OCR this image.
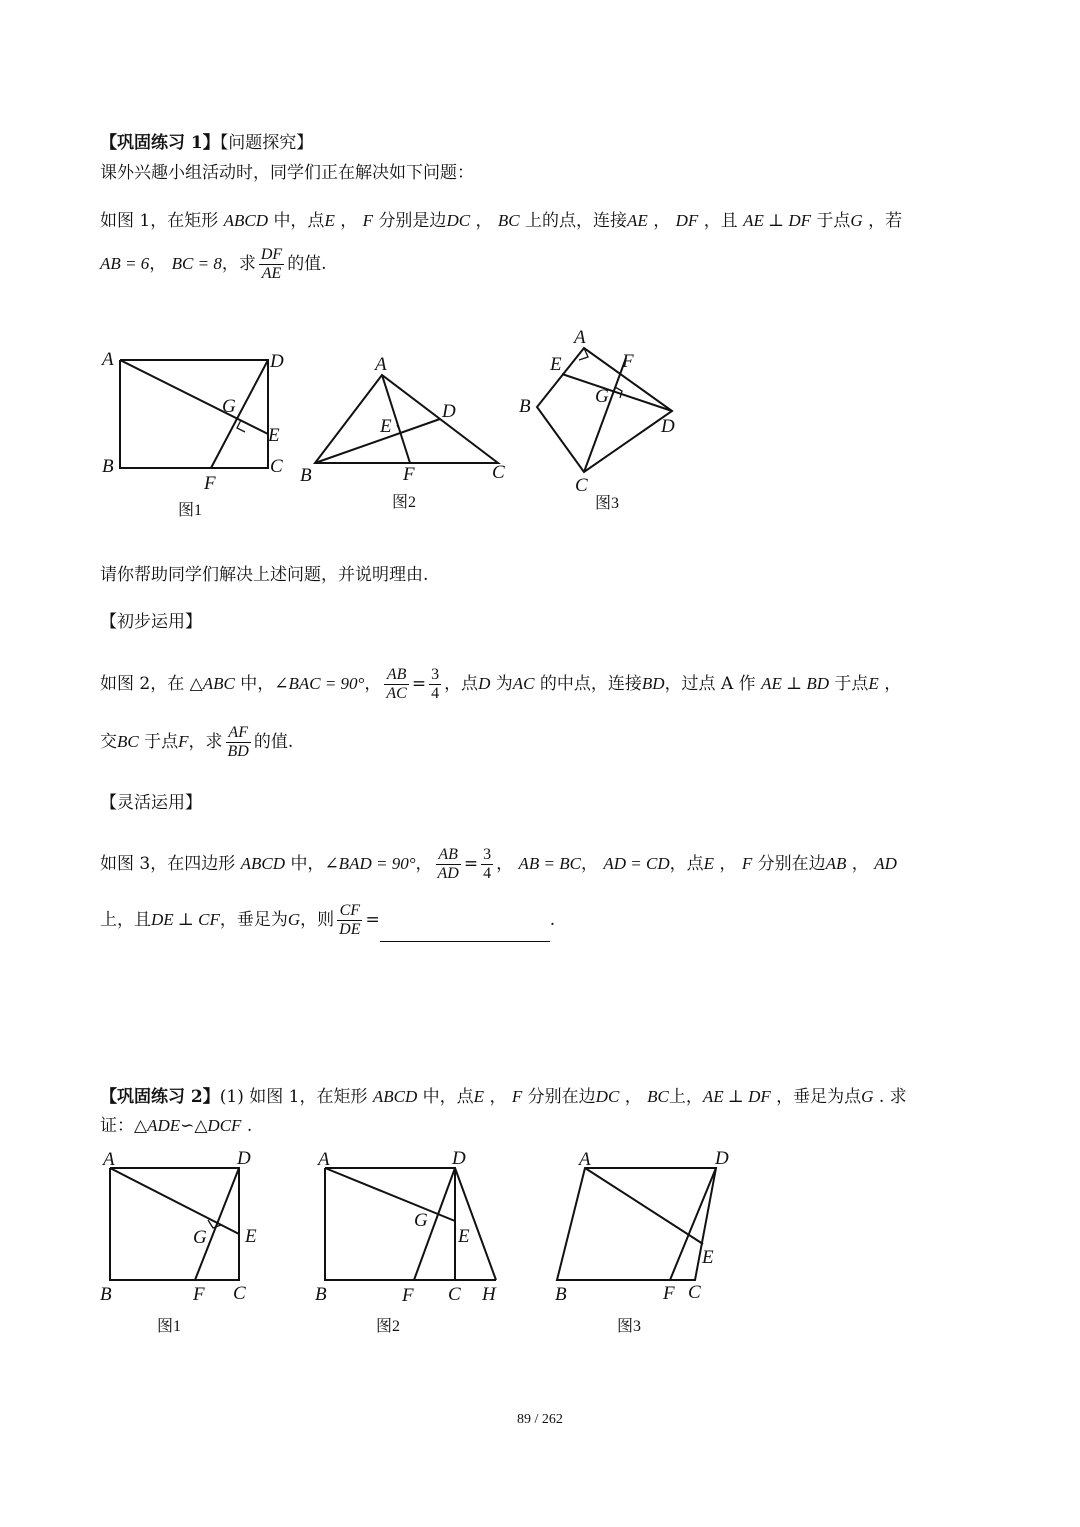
【巩固练习 1】【问题探究】
课外兴趣小组活动时，同学们正在解决如下问题：
如图 1，在矩形 ABCD 中，点E ， F 分别是边DC ， BC 上的点，连接AE ， DF ，且 AE ⊥ DF 于点G ，若
AB = 6， BC = 8，求 $\frac{DF}{AE}$ 的值.
A	D
B	C
E
F
G
图1
A
D
B	C
E
F
图2
A
B
C
D
E	F
G
图3
请你帮助同学们解决上述问题，并说明理由.
【初步运用】
如图 2，在 △ABC 中，∠BAC = 90°， $\frac{AB}{AC} = \frac{3}{4}$ ，点D 为AC 的中点，连接BD，过点 A 作 AE ⊥ BD 于点E ，
交BC 于点F，求 $\frac{AF}{BD}$ 的值.
【灵活运用】
如图 3，在四边形 ABCD 中，∠BAD = 90°， $\frac{AB}{AD} = \frac{3}{4}$ ， AB = BC， AD = CD，点E ， F 分别在边AB ， AD
上，且DE ⊥ CF，垂足为G，则 $\frac{CF}{DE}$ =	.
【巩固练习 2】(1) 如图 1，在矩形 ABCD 中，点E ， F 分别在边DC ， BC上，AE ⊥ DF ，垂足为点G . 求
证：△ADE∽△DCF .
A	D
B	C
E
F
G
图1
A	D
B	C
E
F
G
H
图2
A	D
B	C
E
F
图3
89 / 262
